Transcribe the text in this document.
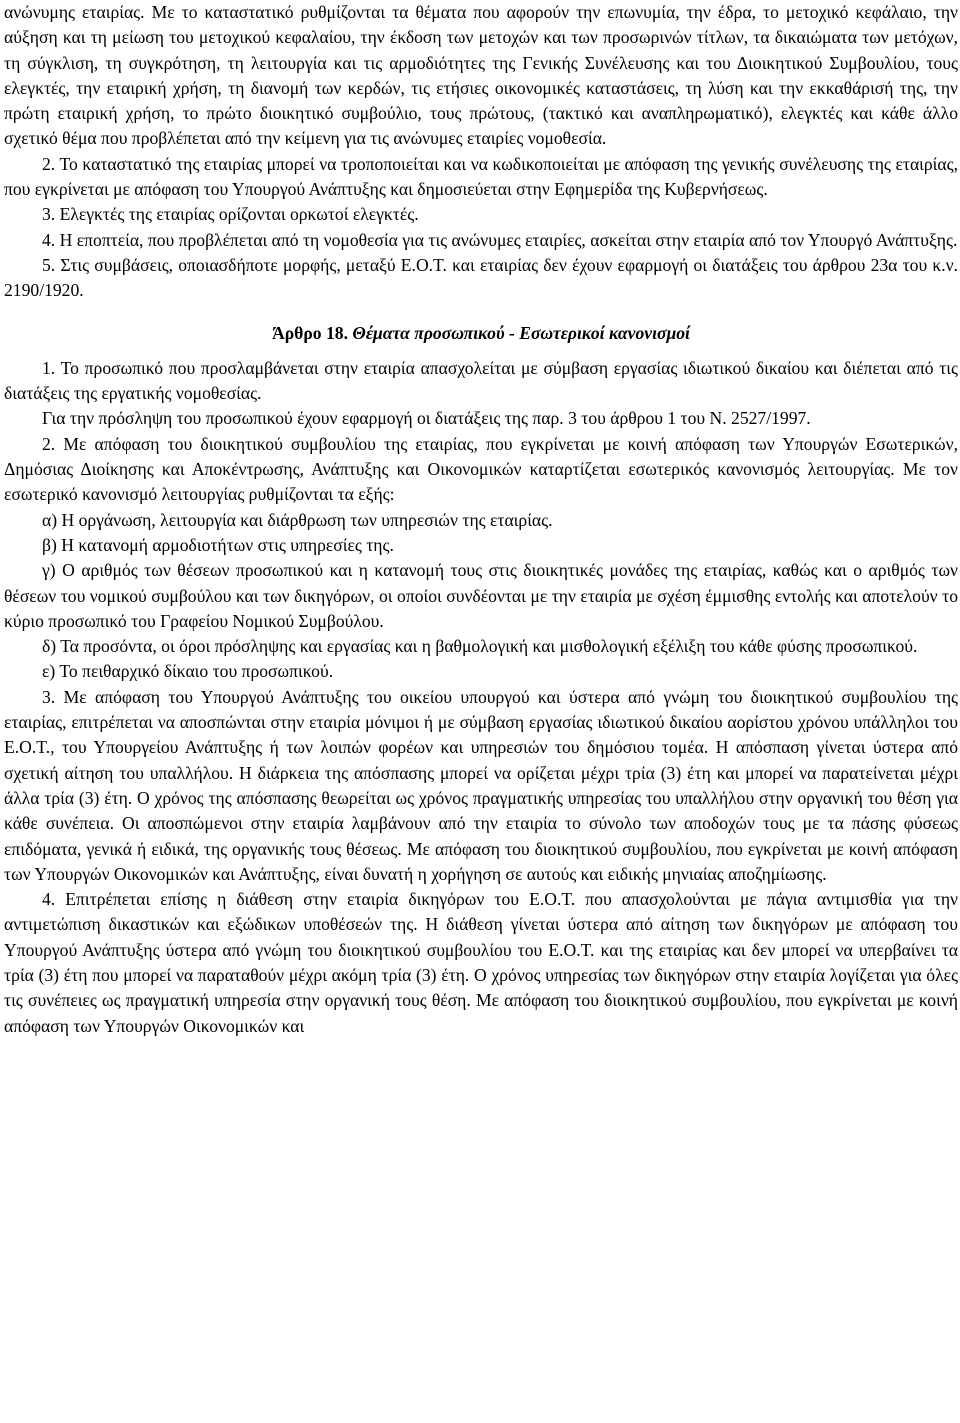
ανώνυμης εταιρίας. Με το καταστατικό ρυθμίζονται τα θέματα που αφορούν την επωνυμία, την έδρα, το μετοχικό κεφάλαιο, την αύξηση και τη μείωση του μετοχικού κεφαλαίου, την έκδοση των μετοχών και των προσωρινών τίτλων, τα δικαιώματα των μετόχων, τη σύγκλιση, τη συγκρότηση, τη λειτουργία και τις αρμοδιότητες της Γενικής Συνέλευσης και του Διοικητικού Συμβουλίου, τους ελεγκτές, την εταιρική χρήση, τη διανομή των κερδών, τις ετήσιες οικονομικές καταστάσεις, τη λύση και την εκκαθάρισή της, την πρώτη εταιρική χρήση, το πρώτο διοικητικό συμβούλιο, τους πρώτους, (τακτικό και αναπληρωματικό), ελεγκτές και κάθε άλλο σχετικό θέμα που προβλέπεται από την κείμενη για τις ανώνυμες εταιρίες νομοθεσία.

2. Το καταστατικό της εταιρίας μπορεί να τροποποιείται και να κωδικοποιείται με απόφαση της γενικής συνέλευσης της εταιρίας, που εγκρίνεται με απόφαση του Υπουργού Ανάπτυξης και δημοσιεύεται στην Εφημερίδα της Κυβερνήσεως.

3. Ελεγκτές της εταιρίας ορίζονται ορκωτοί ελεγκτές.

4. Η εποπτεία, που προβλέπεται από τη νομοθεσία για τις ανώνυμες εταιρίες, ασκείται στην εταιρία από τον Υπουργό Ανάπτυξης.

5. Στις συμβάσεις, οποιασδήποτε μορφής, μεταξύ Ε.Ο.Τ. και εταιρίας δεν έχουν εφαρμογή οι διατάξεις του άρθρου 23α του κ.ν. 2190/1920.

Άρθρο 18. Θέματα προσωπικού - Εσωτερικοί κανονισμοί

1. Το προσωπικό που προσλαμβάνεται στην εταιρία απασχολείται με σύμβαση εργασίας ιδιωτικού δικαίου και διέπεται από τις διατάξεις της εργατικής νομοθεσίας.

Για την πρόσληψη του προσωπικού έχουν εφαρμογή οι διατάξεις της παρ. 3 του άρθρου 1 του Ν. 2527/1997.

2. Με απόφαση του διοικητικού συμβουλίου της εταιρίας, που εγκρίνεται με κοινή απόφαση των Υπουργών Εσωτερικών, Δημόσιας Διοίκησης και Αποκέντρωσης, Ανάπτυξης και Οικονομικών καταρτίζεται εσωτερικός κανονισμός λειτουργίας. Με τον εσωτερικό κανονισμό λειτουργίας ρυθμίζονται τα εξής:

α) Η οργάνωση, λειτουργία και διάρθρωση των υπηρεσιών της εταιρίας.

β) Η κατανομή αρμοδιοτήτων στις υπηρεσίες της.

γ) Ο αριθμός των θέσεων προσωπικού και η κατανομή τους στις διοικητικές μονάδες της εταιρίας, καθώς και ο αριθμός των θέσεων του νομικού συμβούλου και των δικηγόρων, οι οποίοι συνδέονται με την εταιρία με σχέση έμμισθης εντολής και αποτελούν το κύριο προσωπικό του Γραφείου Νομικού Συμβούλου.

δ) Τα προσόντα, οι όροι πρόσληψης και εργασίας και η βαθμολογική και μισθολογική εξέλιξη του κάθε φύσης προσωπικού.

ε) Το πειθαρχικό δίκαιο του προσωπικού.

3. Με απόφαση του Υπουργού Ανάπτυξης του οικείου υπουργού και ύστερα από γνώμη του διοικητικού συμβουλίου της εταιρίας, επιτρέπεται να αποσπώνται στην εταιρία μόνιμοι ή με σύμβαση εργασίας ιδιωτικού δικαίου αορίστου χρόνου υπάλληλοι του Ε.Ο.Τ., του Υπουργείου Ανάπτυξης ή των λοιπών φορέων και υπηρεσιών του δημόσιου τομέα. Η απόσπαση γίνεται ύστερα από σχετική αίτηση του υπαλλήλου. Η διάρκεια της απόσπασης μπορεί να ορίζεται μέχρι τρία (3) έτη και μπορεί να παρατείνεται μέχρι άλλα τρία (3) έτη. Ο χρόνος της απόσπασης θεωρείται ως χρόνος πραγματικής υπηρεσίας του υπαλλήλου στην οργανική του θέση για κάθε συνέπεια. Οι αποσπώμενοι στην εταιρία λαμβάνουν από την εταιρία το σύνολο των αποδοχών τους με τα πάσης φύσεως επιδόματα, γενικά ή ειδικά, της οργανικής τους θέσεως. Με απόφαση του διοικητικού συμβουλίου, που εγκρίνεται με κοινή απόφαση των Υπουργών Οικονομικών και Ανάπτυξης, είναι δυνατή η χορήγηση σε αυτούς και ειδικής μηνιαίας αποζημίωσης.

4. Επιτρέπεται επίσης η διάθεση στην εταιρία δικηγόρων του Ε.Ο.Τ. που απασχολούνται με πάγια αντιμισθία για την αντιμετώπιση δικαστικών και εξώδικων υποθέσεών της. Η διάθεση γίνεται ύστερα από αίτηση των δικηγόρων με απόφαση του Υπουργού Ανάπτυξης ύστερα από γνώμη του διοικητικού συμβουλίου του Ε.Ο.Τ. και της εταιρίας και δεν μπορεί να υπερβαίνει τα τρία (3) έτη που μπορεί να παραταθούν μέχρι ακόμη τρία (3) έτη. Ο χρόνος υπηρεσίας των δικηγόρων στην εταιρία λογίζεται για όλες τις συνέπειες ως πραγματική υπηρεσία στην οργανική τους θέση. Με απόφαση του διοικητικού συμβουλίου, που εγκρίνεται με κοινή απόφαση των Υπουργών Οικονομικών και
